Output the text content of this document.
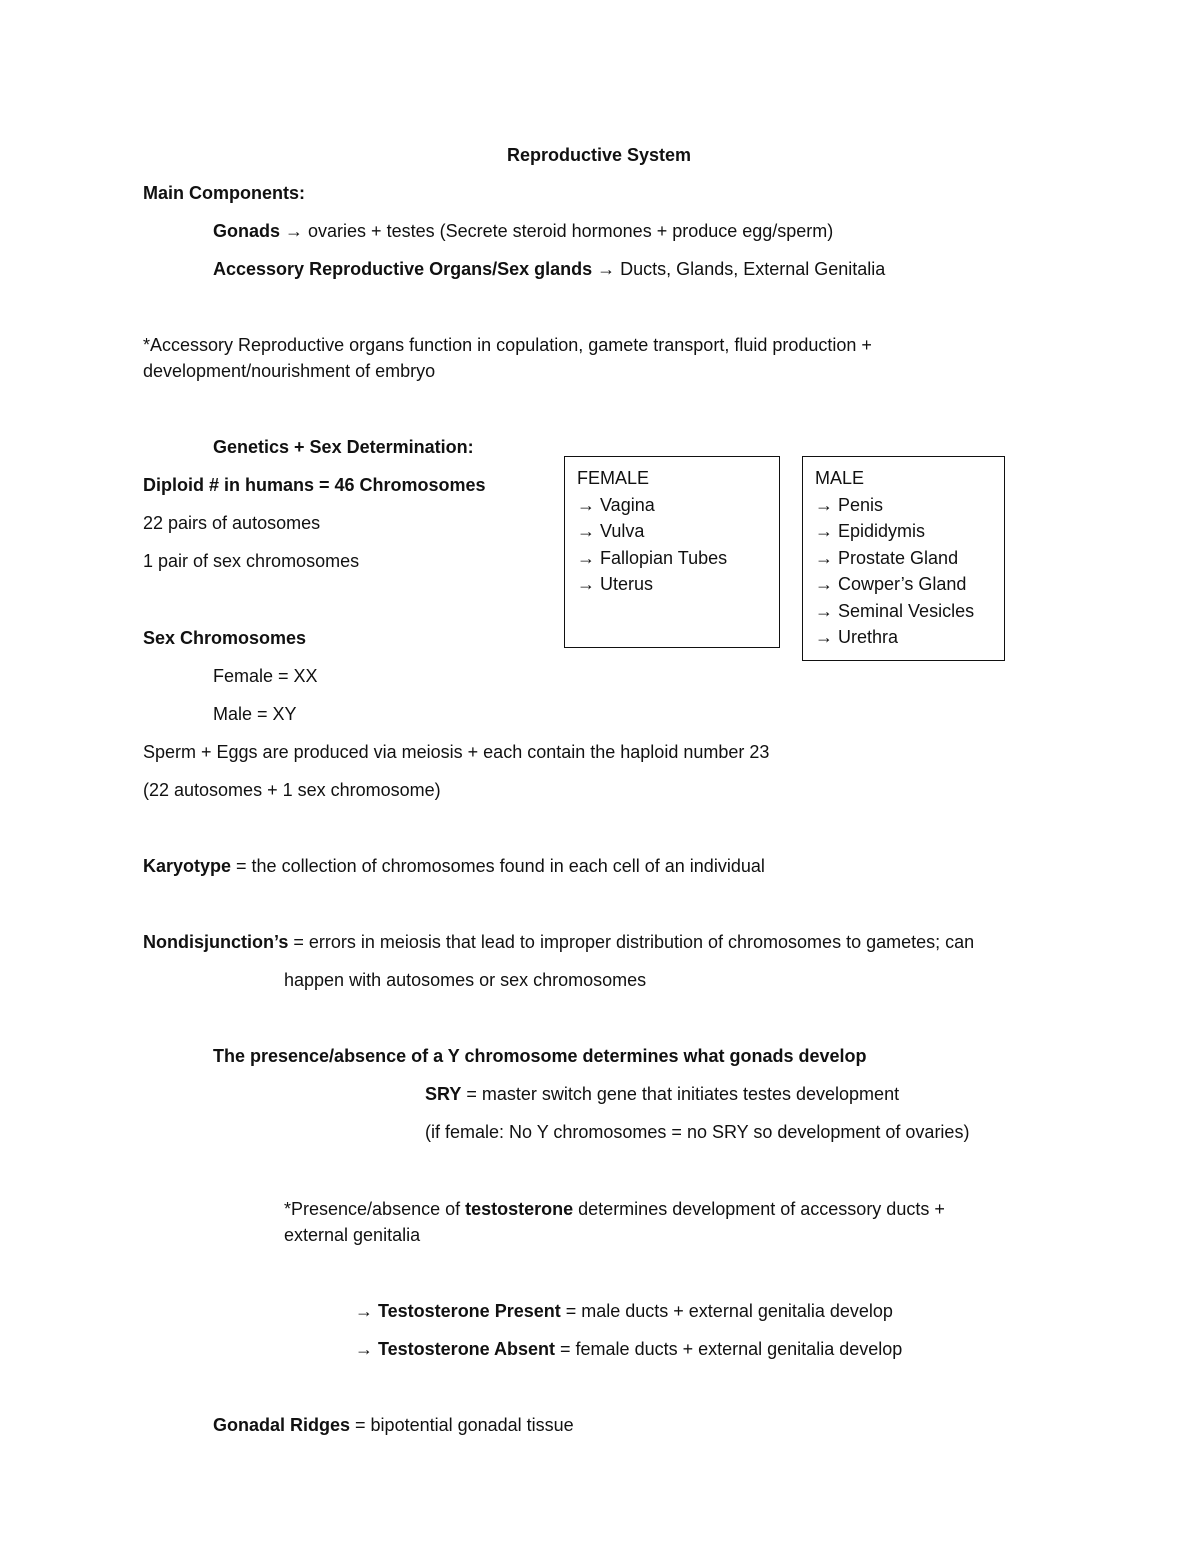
Reproductive System
Main Components:
Gonads → ovaries + testes (Secrete steroid hormones + produce egg/sperm)
Accessory Reproductive Organs/Sex glands → Ducts, Glands, External Genitalia
*Accessory Reproductive organs function in copulation, gamete transport, fluid production +
development/nourishment of embryo
Genetics + Sex Determination:
Diploid # in humans = 46 Chromosomes
22 pairs of autosomes
1 pair of sex chromosomes
FEMALE
→ Vagina
→ Vulva
→ Fallopian Tubes
→ Uterus
MALE
→ Penis
→ Epididymis
→ Prostate Gland
→ Cowper’s Gland
→ Seminal Vesicles
→ Urethra
Sex Chromosomes
Female = XX
Male = XY
Sperm + Eggs are produced via meiosis + each contain the haploid number 23
(22 autosomes + 1 sex chromosome)
Karyotype = the collection of chromosomes found in each cell of an individual
Nondisjunction’s = errors in meiosis that lead to improper distribution of chromosomes to gametes; can
happen with autosomes or sex chromosomes
The presence/absence of a Y chromosome determines what gonads develop
SRY = master switch gene that initiates testes development
(if female: No Y chromosomes = no SRY so development of ovaries)
*Presence/absence of testosterone determines development of accessory ducts +
external genitalia
→ Testosterone Present = male ducts + external genitalia develop
→ Testosterone Absent = female ducts + external genitalia develop
Gonadal Ridges = bipotential gonadal tissue
